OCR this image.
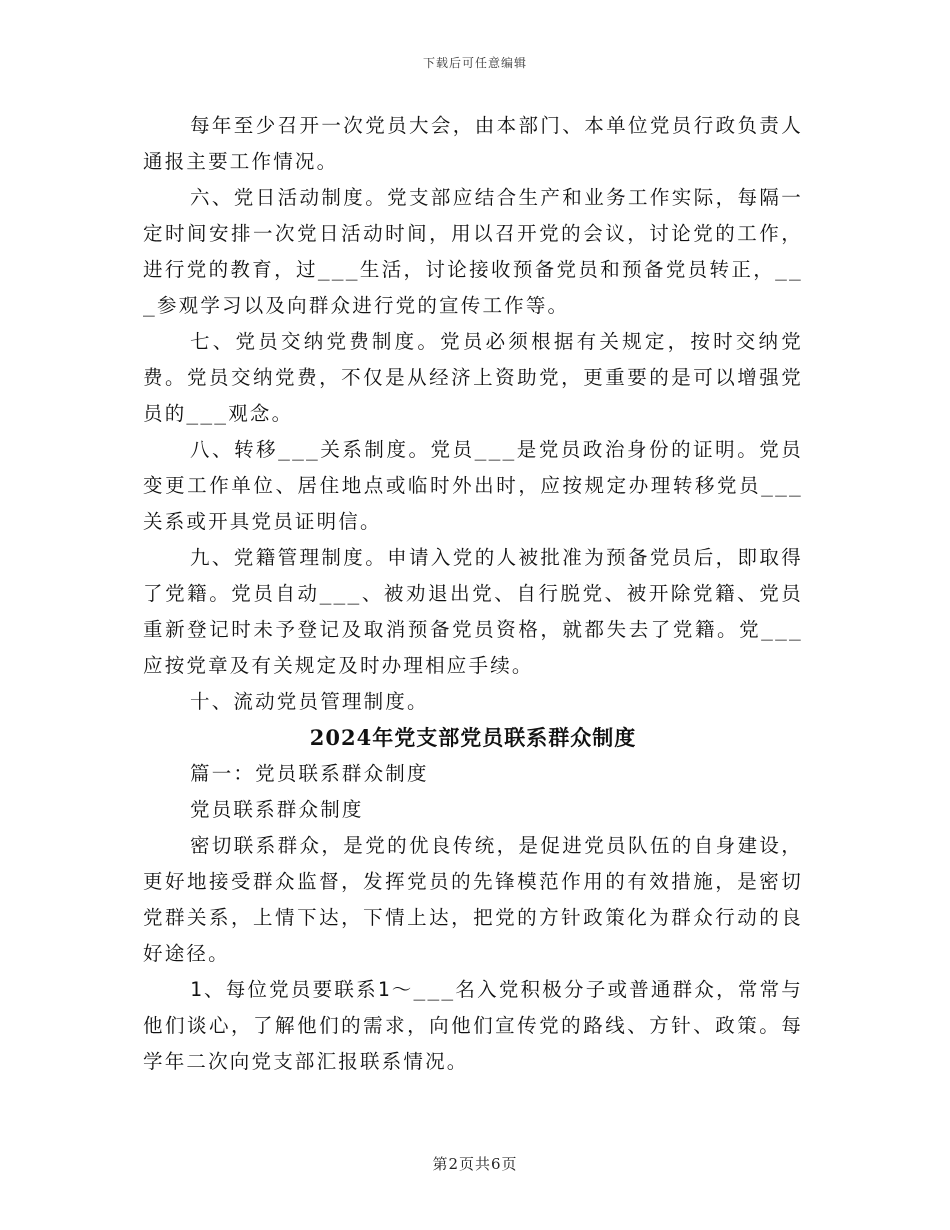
下载后可任意编辑

每年至少召开一次党员大会，由本部门、本单位党员行政负责人通报主要工作情况。

六、党日活动制度。党支部应结合生产和业务工作实际，每隔一定时间安排一次党日活动时间，用以召开党的会议，讨论党的工作，进行党的教育，过___生活，讨论接收预备党员和预备党员转正，___参观学习以及向群众进行党的宣传工作等。

七、党员交纳党费制度。党员必须根据有关规定，按时交纳党费。党员交纳党费，不仅是从经济上资助党，更重要的是可以增强党员的___观念。

八、转移___关系制度。党员___是党员政治身份的证明。党员变更工作单位、居住地点或临时外出时，应按规定办理转移党员___关系或开具党员证明信。

九、党籍管理制度。申请入党的人被批准为预备党员后，即取得了党籍。党员自动___、被劝退出党、自行脱党、被开除党籍、党员重新登记时未予登记及取消预备党员资格，就都失去了党籍。党___应按党章及有关规定及时办理相应手续。

十、流动党员管理制度。

2024年党支部党员联系群众制度

篇一：党员联系群众制度

党员联系群众制度

密切联系群众，是党的优良传统，是促进党员队伍的自身建设，更好地接受群众监督，发挥党员的先锋模范作用的有效措施，是密切党群关系，上情下达，下情上达，把党的方针政策化为群众行动的良好途径。

1、每位党员要联系1～___名入党积极分子或普通群众，常常与他们谈心，了解他们的需求，向他们宣传党的路线、方针、政策。每学年二次向党支部汇报联系情况。

第2页共6页
